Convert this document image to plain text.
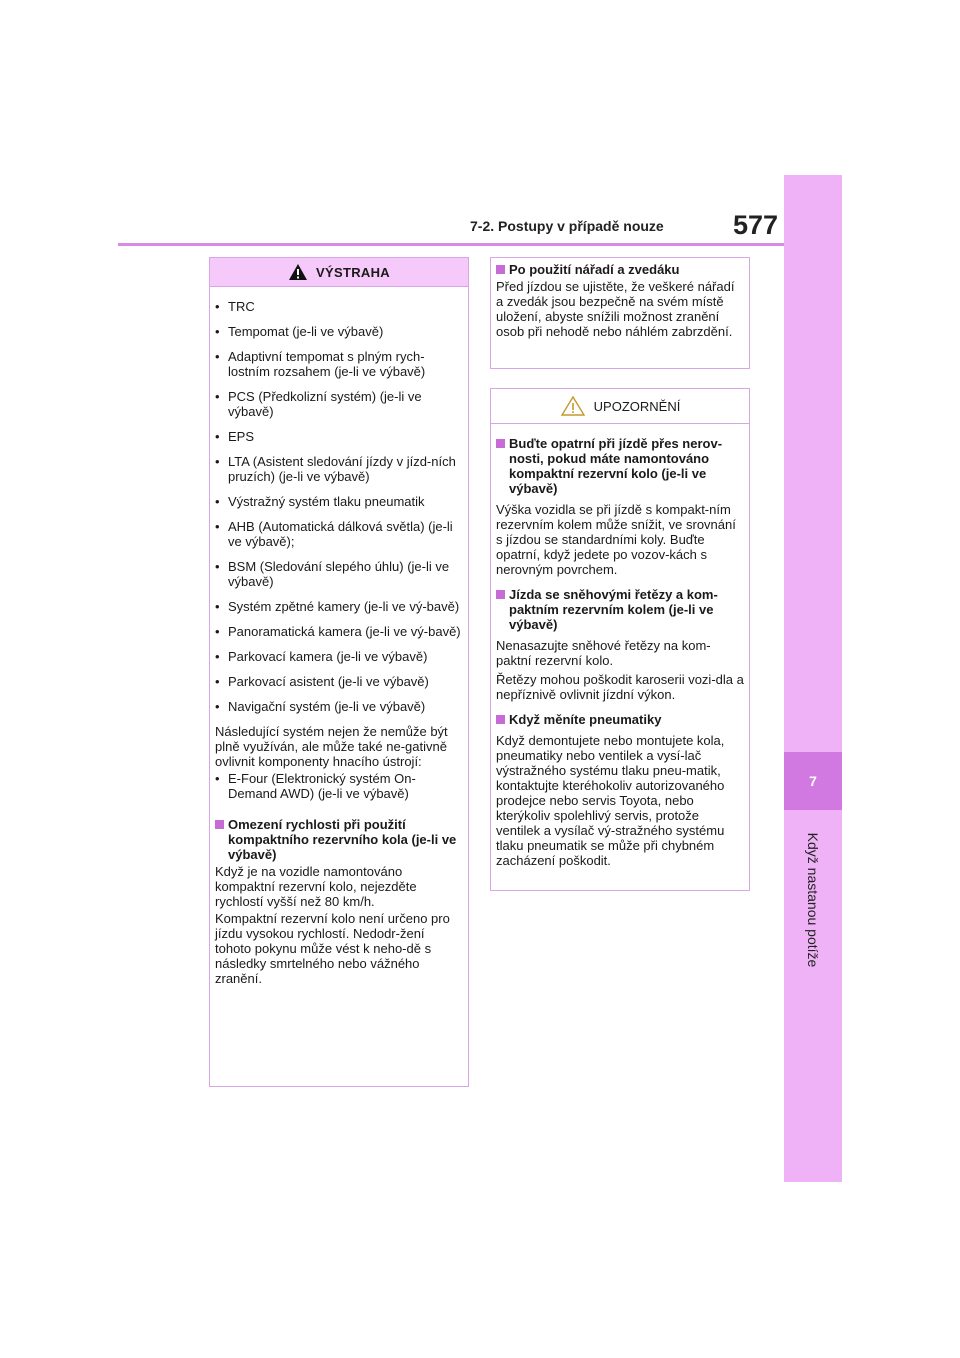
7-2. Postupy v případě nouze	577
7
Když nastanou potíže
VÝSTRAHA
• TRC
• Tempomat (je-li ve výbavě)
• Adaptivní tempomat s plným rych-lostním rozsahem (je-li ve výbavě)
• PCS (Předkolizní systém) (je-li ve výbavě)
• EPS
• LTA (Asistent sledování jízdy v jízd-ních pruzích) (je-li ve výbavě)
• Výstražný systém tlaku pneumatik
• AHB (Automatická dálková světla) (je-li ve výbavě);
• BSM (Sledování slepého úhlu) (je-li ve výbavě)
• Systém zpětné kamery (je-li ve vý-bavě)
• Panoramatická kamera (je-li ve vý-bavě)
• Parkovací kamera (je-li ve výbavě)
• Parkovací asistent (je-li ve výbavě)
• Navigační systém (je-li ve výbavě)
Následující systém nejen že nemůže být plně využíván, ale může také ne-gativně ovlivnit komponenty hnacího ústrojí:
• E-Four (Elektronický systém On-Demand AWD) (je-li ve výbavě)
Omezení rychlosti při použití kompaktního rezervního kola (je-li ve výbavě)
Když je na vozidle namontováno kompaktní rezervní kolo, nejezděte rychlostí vyšší než 80 km/h.
Kompaktní rezervní kolo není určeno pro jízdu vysokou rychlostí. Nedodr-žení tohoto pokynu může vést k neho-dě s následky smrtelného nebo vážného zranění.
Po použití nářadí a zvedáku
Před jízdou se ujistěte, že veškeré nářadí a zvedák jsou bezpečně na svém místě uložení, abyste snížili možnost zranění osob při nehodě nebo náhlém zabrzdění.
UPOZORNĚNÍ
Buďte opatrní při jízdě přes nerov-nosti, pokud máte namontováno kompaktní rezervní kolo (je-li ve výbavě)
Výška vozidla se při jízdě s kompakt-ním rezervním kolem může snížit, ve srovnání s jízdou se standardními koly. Buďte opatrní, když jedete po vozov-kách s nerovným povrchem.
Jízda se sněhovými řetězy a kom-paktním rezervním kolem (je-li ve výbavě)
Nenasazujte sněhové řetězy na kom-paktní rezervní kolo.
Řetězy mohou poškodit karoserii vozi-dla a nepříznivě ovlivnit jízdní výkon.
Když měníte pneumatiky
Když demontujete nebo montujete kola, pneumatiky nebo ventilek a vysí-lač výstražného systému tlaku pneu-matik, kontaktujte kteréhokoliv autorizovaného prodejce nebo servis Toyota, nebo kterýkoliv spolehlivý servis, protože ventilek a vysílač vý-stražného systému tlaku pneumatik se může při chybném zacházení poškodit.
